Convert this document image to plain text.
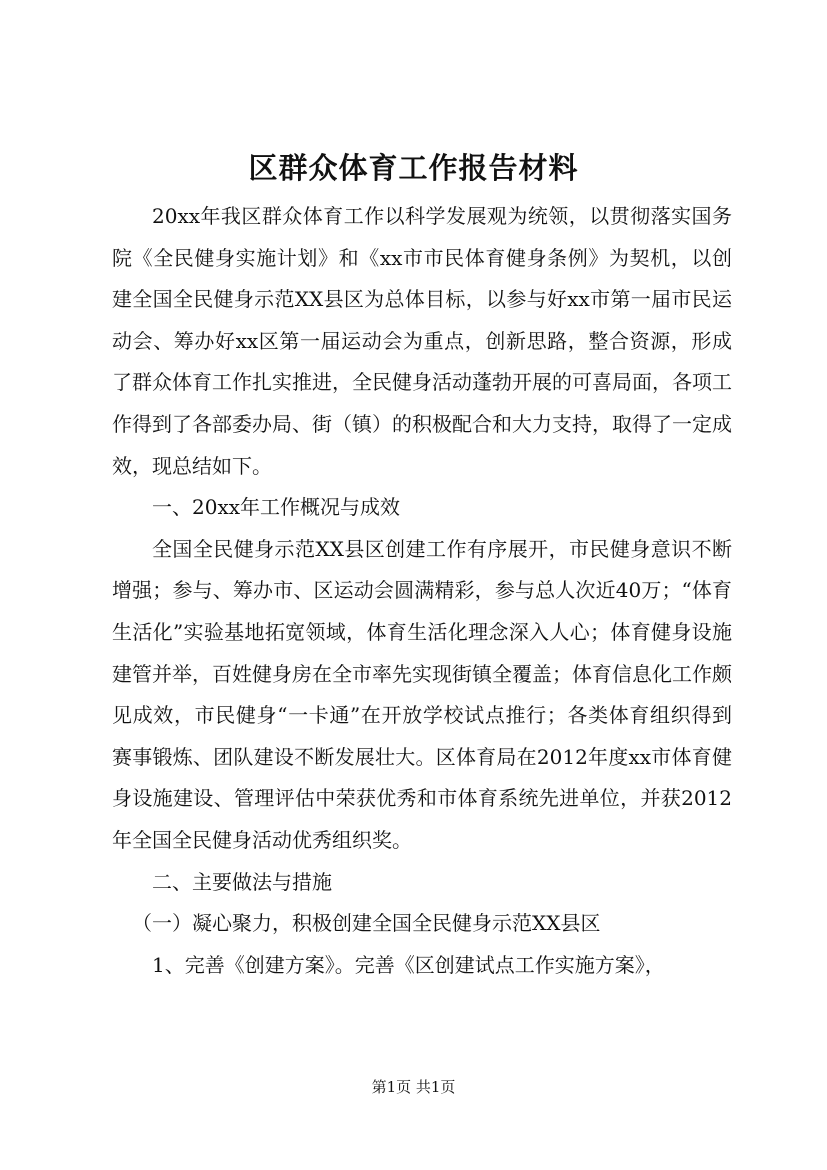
区群众体育工作报告材料

20xx年我区群众体育工作以科学发展观为统领，以贯彻落实国务院《全民健身实施计划》和《xx市市民体育健身条例》为契机，以创建全国全民健身示范XX县区为总体目标，以参与好xx市第一届市民运动会、筹办好xx区第一届运动会为重点，创新思路，整合资源，形成了群众体育工作扎实推进，全民健身活动蓬勃开展的可喜局面，各项工作得到了各部委办局、街（镇）的积极配合和大力支持，取得了一定成效，现总结如下。

一、20xx年工作概况与成效

全国全民健身示范XX县区创建工作有序展开，市民健身意识不断增强；参与、筹办市、区运动会圆满精彩，参与总人次近40万；“体育生活化”实验基地拓宽领域，体育生活化理念深入人心；体育健身设施建管并举，百姓健身房在全市率先实现街镇全覆盖；体育信息化工作颇见成效，市民健身“一卡通”在开放学校试点推行；各类体育组织得到赛事锻炼、团队建设不断发展壮大。区体育局在2012年度xx市体育健身设施建设、管理评估中荣获优秀和市体育系统先进单位，并获2012年全国全民健身活动优秀组织奖。

二、主要做法与措施

（一）凝心聚力，积极创建全国全民健身示范XX县区

1、完善《创建方案》。完善《区创建试点工作实施方案》，

第1页 共1页
